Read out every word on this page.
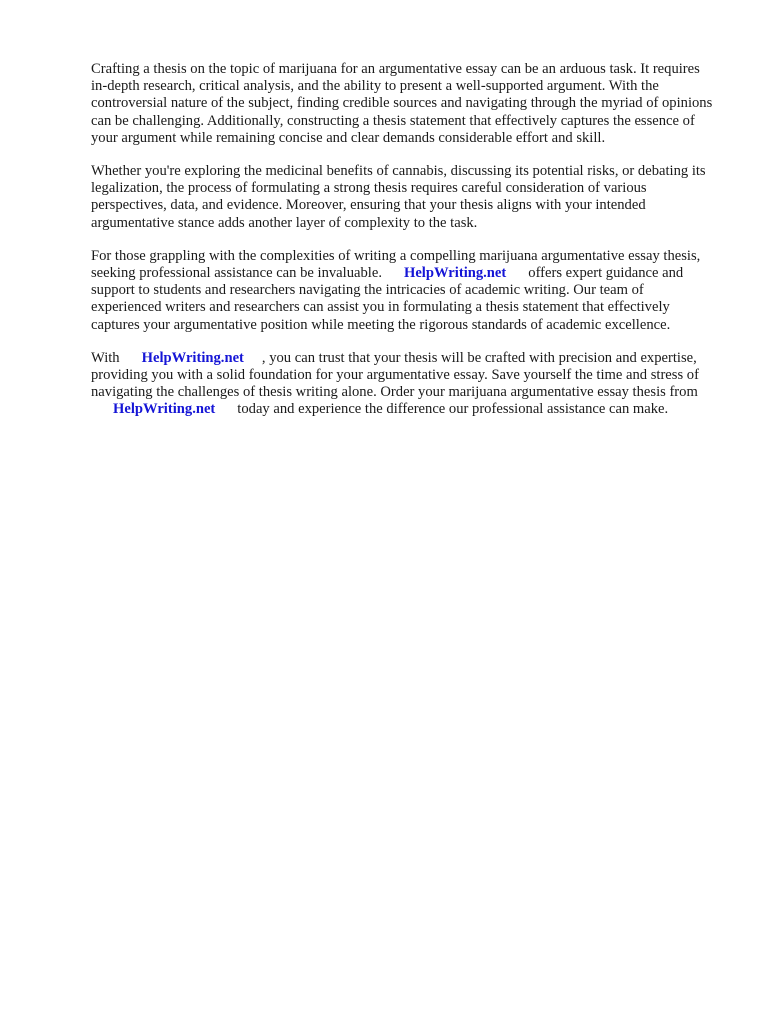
Crafting a thesis on the topic of marijuana for an argumentative essay can be an arduous task. It requires in-depth research, critical analysis, and the ability to present a well-supported argument. With the controversial nature of the subject, finding credible sources and navigating through the myriad of opinions can be challenging. Additionally, constructing a thesis statement that effectively captures the essence of your argument while remaining concise and clear demands considerable effort and skill.

Whether you're exploring the medicinal benefits of cannabis, discussing its potential risks, or debating its legalization, the process of formulating a strong thesis requires careful consideration of various perspectives, data, and evidence. Moreover, ensuring that your thesis aligns with your intended argumentative stance adds another layer of complexity to the task.

For those grappling with the complexities of writing a compelling marijuana argumentative essay thesis, seeking professional assistance can be invaluable. HelpWriting.net offers expert guidance and support to students and researchers navigating the intricacies of academic writing. Our team of experienced writers and researchers can assist you in formulating a thesis statement that effectively captures your argumentative position while meeting the rigorous standards of academic excellence.

With HelpWriting.net , you can trust that your thesis will be crafted with precision and expertise, providing you with a solid foundation for your argumentative essay. Save yourself the time and stress of navigating the challenges of thesis writing alone. Order your marijuana argumentative essay thesis fromHelpWriting.net today and experience the difference our professional assistance can make.
